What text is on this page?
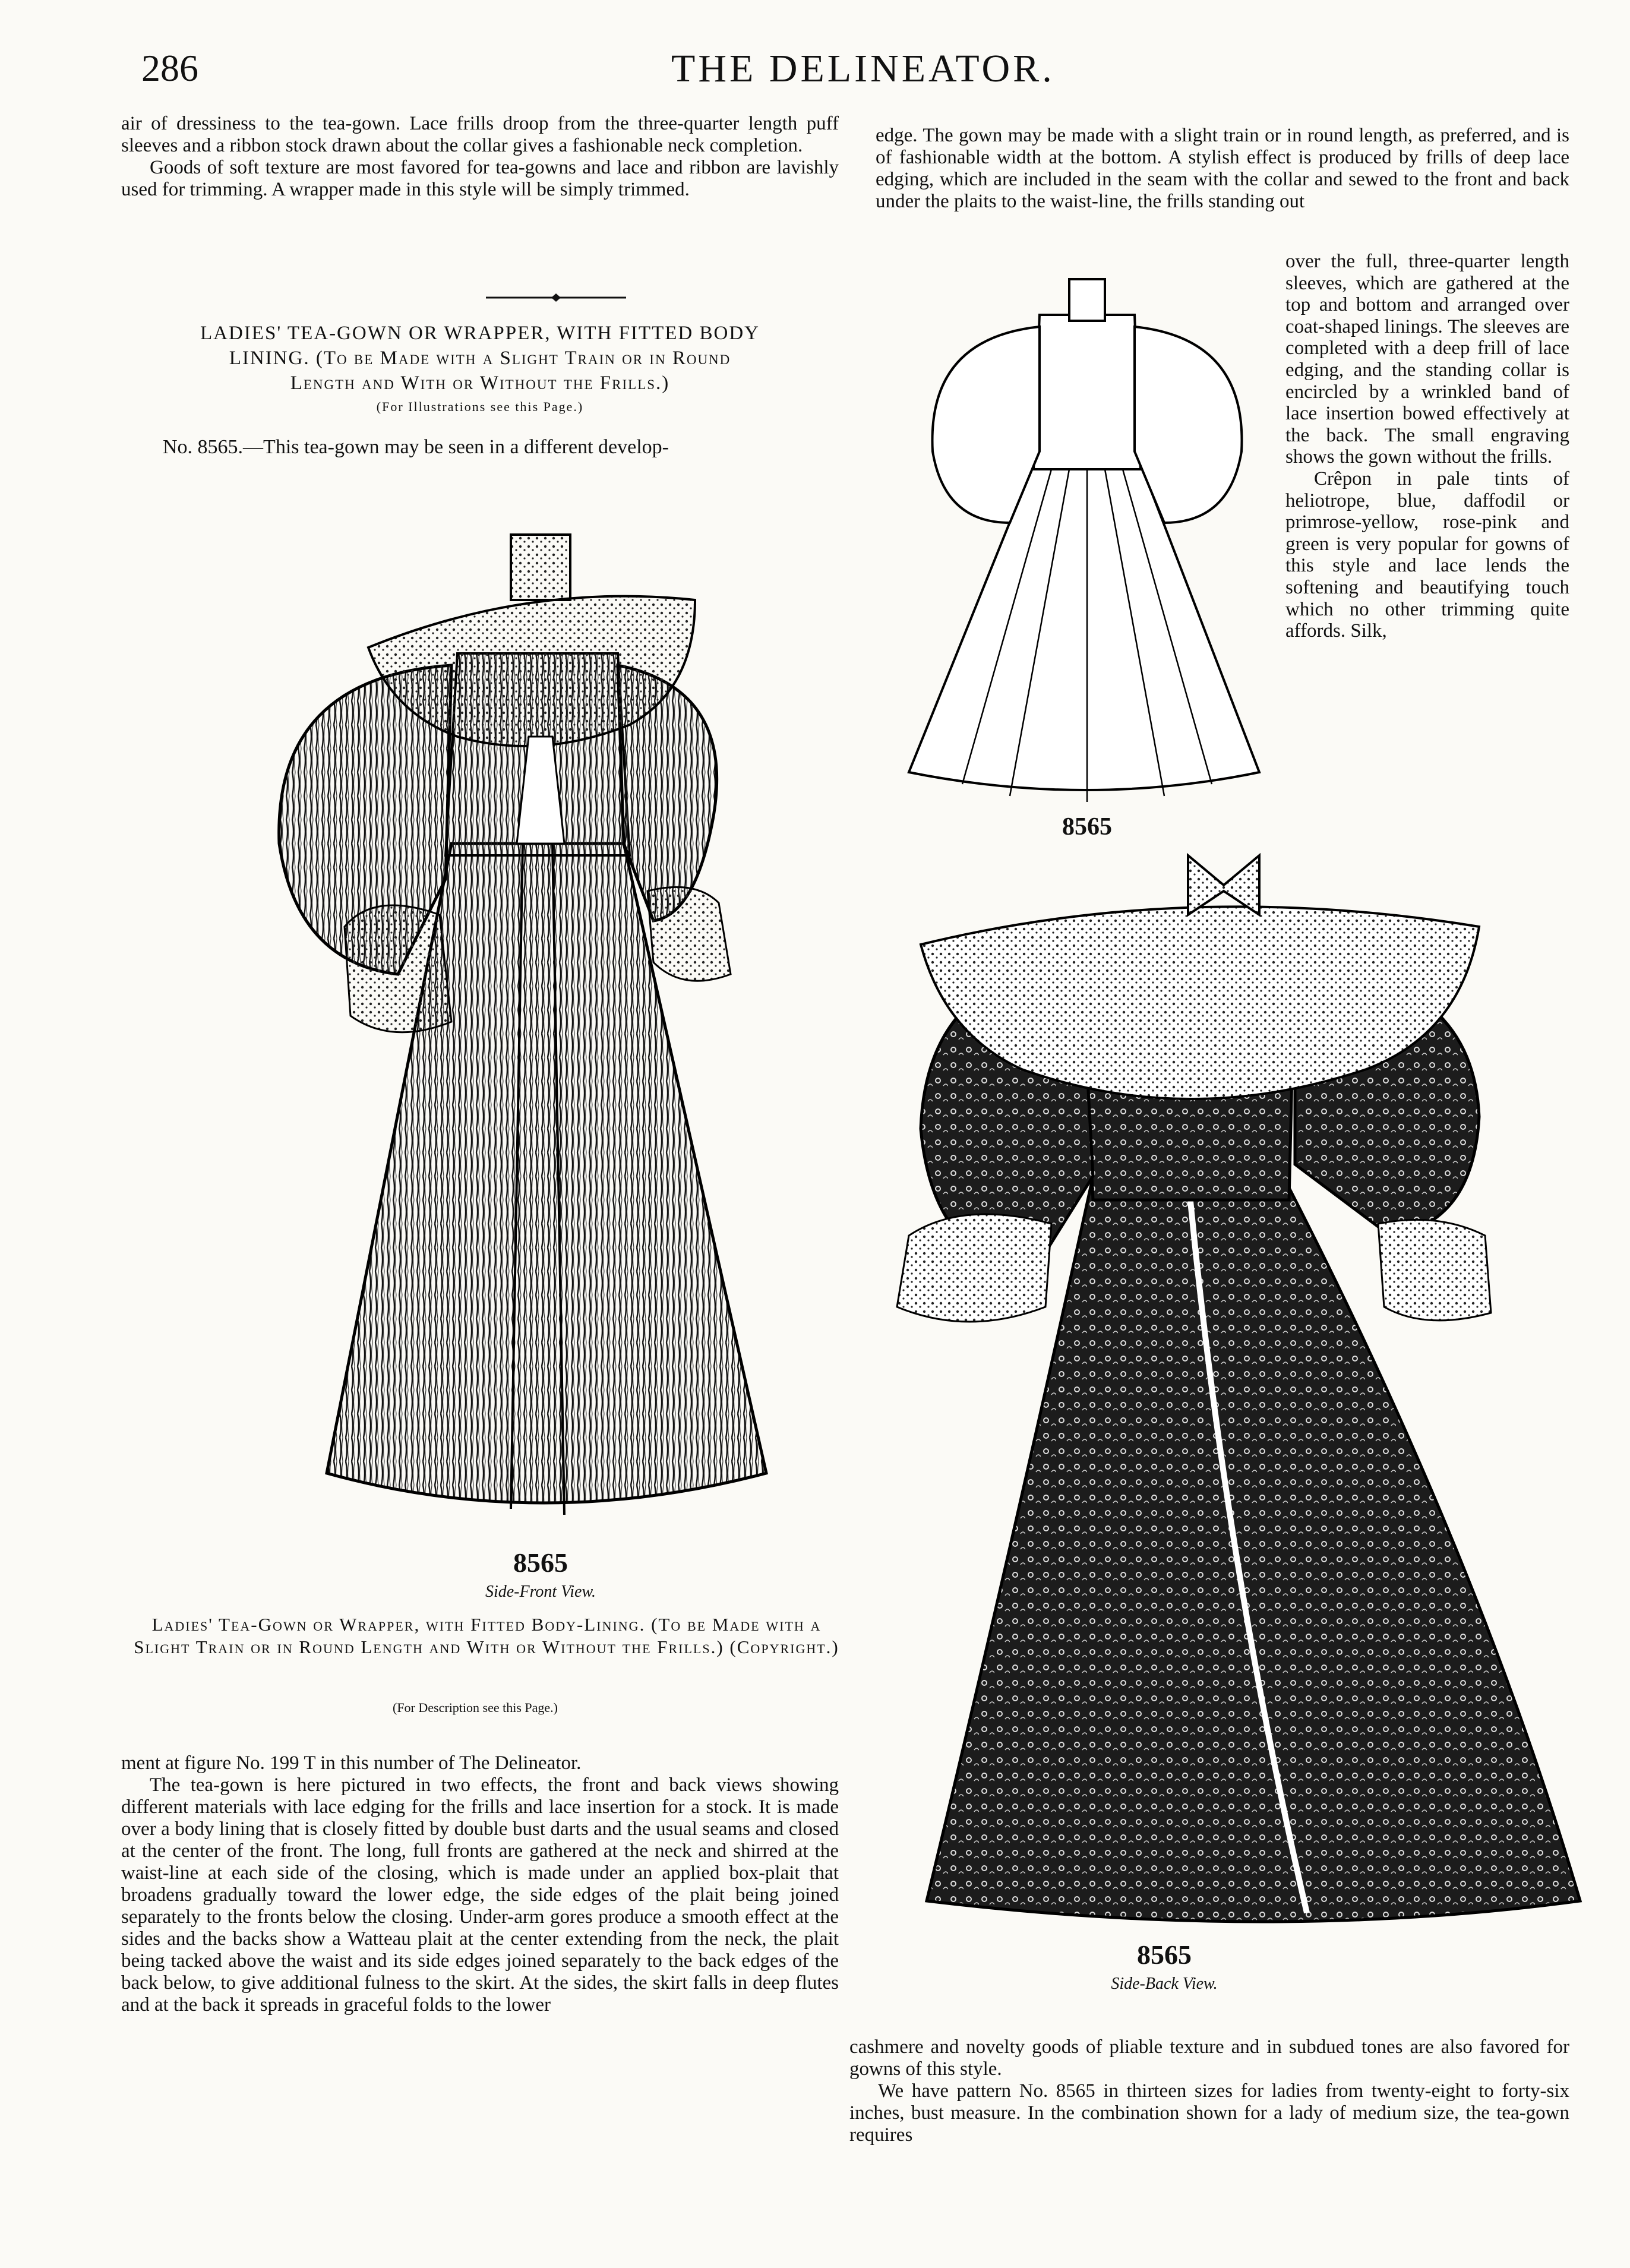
286	THE DELINEATOR.

air of dressiness to the tea-gown. Lace frills droop from the three-quarter length puff sleeves and a ribbon stock drawn about the collar gives a fashionable neck completion.

Goods of soft texture are most favored for tea-gowns and lace and ribbon are lavishly used for trimming. A wrapper made in this style will be simply trimmed.

LADIES' TEA-GOWN OR WRAPPER, WITH FITTED BODY
LINING. (To be Made with a Slight Train or in Round
Length and With or Without the Frills.)
(For Illustrations see this Page.)
No. 8565.—This tea-gown may be seen in a different develop-
8565
Side-Front View.
Ladies' Tea-Gown or Wrapper, with Fitted Body-Lining. (To be Made with a Slight Train or in Round Length and With or Without the Frills.) (Copyright.)
(For Description see this Page.)

ment at figure No. 199 T in this number of The Delineator.

The tea-gown is here pictured in two effects, the front and back views showing different materials with lace edging for the frills and lace insertion for a stock. It is made over a body lining that is closely fitted by double bust darts and the usual seams and closed at the center of the front. The long, full fronts are gathered at the neck and shirred at the waist-line at each side of the closing, which is made under an applied box-plait that broadens gradually toward the lower edge, the side edges of the plait being joined separately to the fronts below the closing. Under-arm gores produce a smooth effect at the sides and the backs show a Watteau plait at the center extending from the neck, the plait being tacked above the waist and its side edges joined separately to the back edges of the back below, to give additional fulness to the skirt. At the sides, the skirt falls in deep flutes and at the back it spreads in graceful folds to the lower

edge. The gown may be made with a slight train or in round length, as preferred, and is of fashionable width at the bottom. A stylish effect is produced by frills of deep lace edging, which are included in the seam with the collar and sewed to the front and back under the plaits to the waist-line, the frills standing out
8565

over the full, three-quarter length sleeves, which are gathered at the top and bottom and arranged over coat-shaped linings. The sleeves are completed with a deep frill of lace edging, and the standing collar is encircled by a wrinkled band of lace insertion bowed effectively at the back. The small engraving shows the gown without the frills.

Crêpon in pale tints of heliotrope, blue, daffodil or primrose-yellow, rose-pink and green is very popular for gowns of this style and lace lends the softening and beautifying touch which no other trimming quite affords. Silk,

8565
Side-Back View.

cashmere and novelty goods of pliable texture and in subdued tones are also favored for gowns of this style.

We have pattern No. 8565 in thirteen sizes for ladies from twenty-eight to forty-six inches, bust measure. In the combination shown for a lady of medium size, the tea-gown requires
